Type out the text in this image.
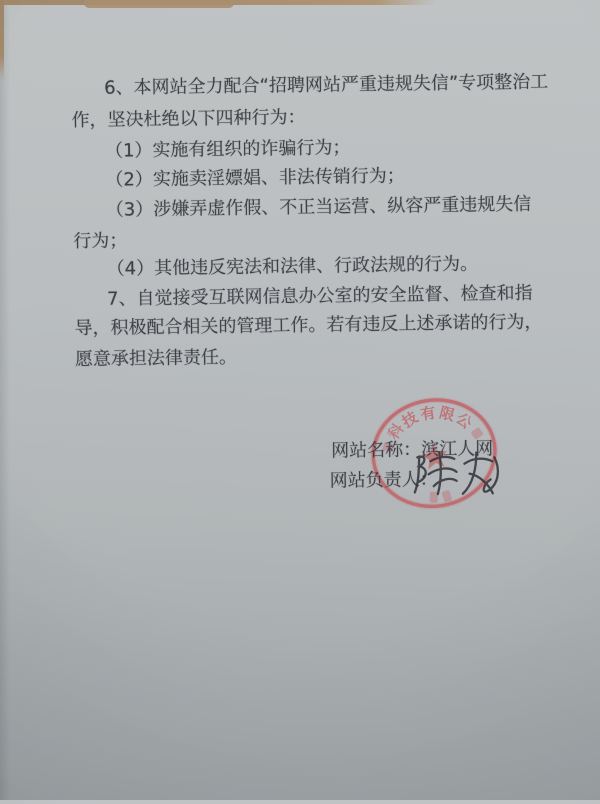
6、本网站全力配合“招聘网站严重违规失信”专项整治工
作，坚决杜绝以下四种行为：
（1）实施有组织的诈骗行为；
（2）实施卖淫嫖娼、非法传销行为；
（3）涉嫌弄虚作假、不正当运营、纵容严重违规失信
行为；
（4）其他违反宪法和法律、行政法规的行为。
7、自觉接受互联网信息办公室的安全监督、检查和指
导，积极配合相关的管理工作。若有违反上述承诺的行为，
愿意承担法律责任。
科
技
有 限
公
网站名称：滨江人网
网站负责人：
